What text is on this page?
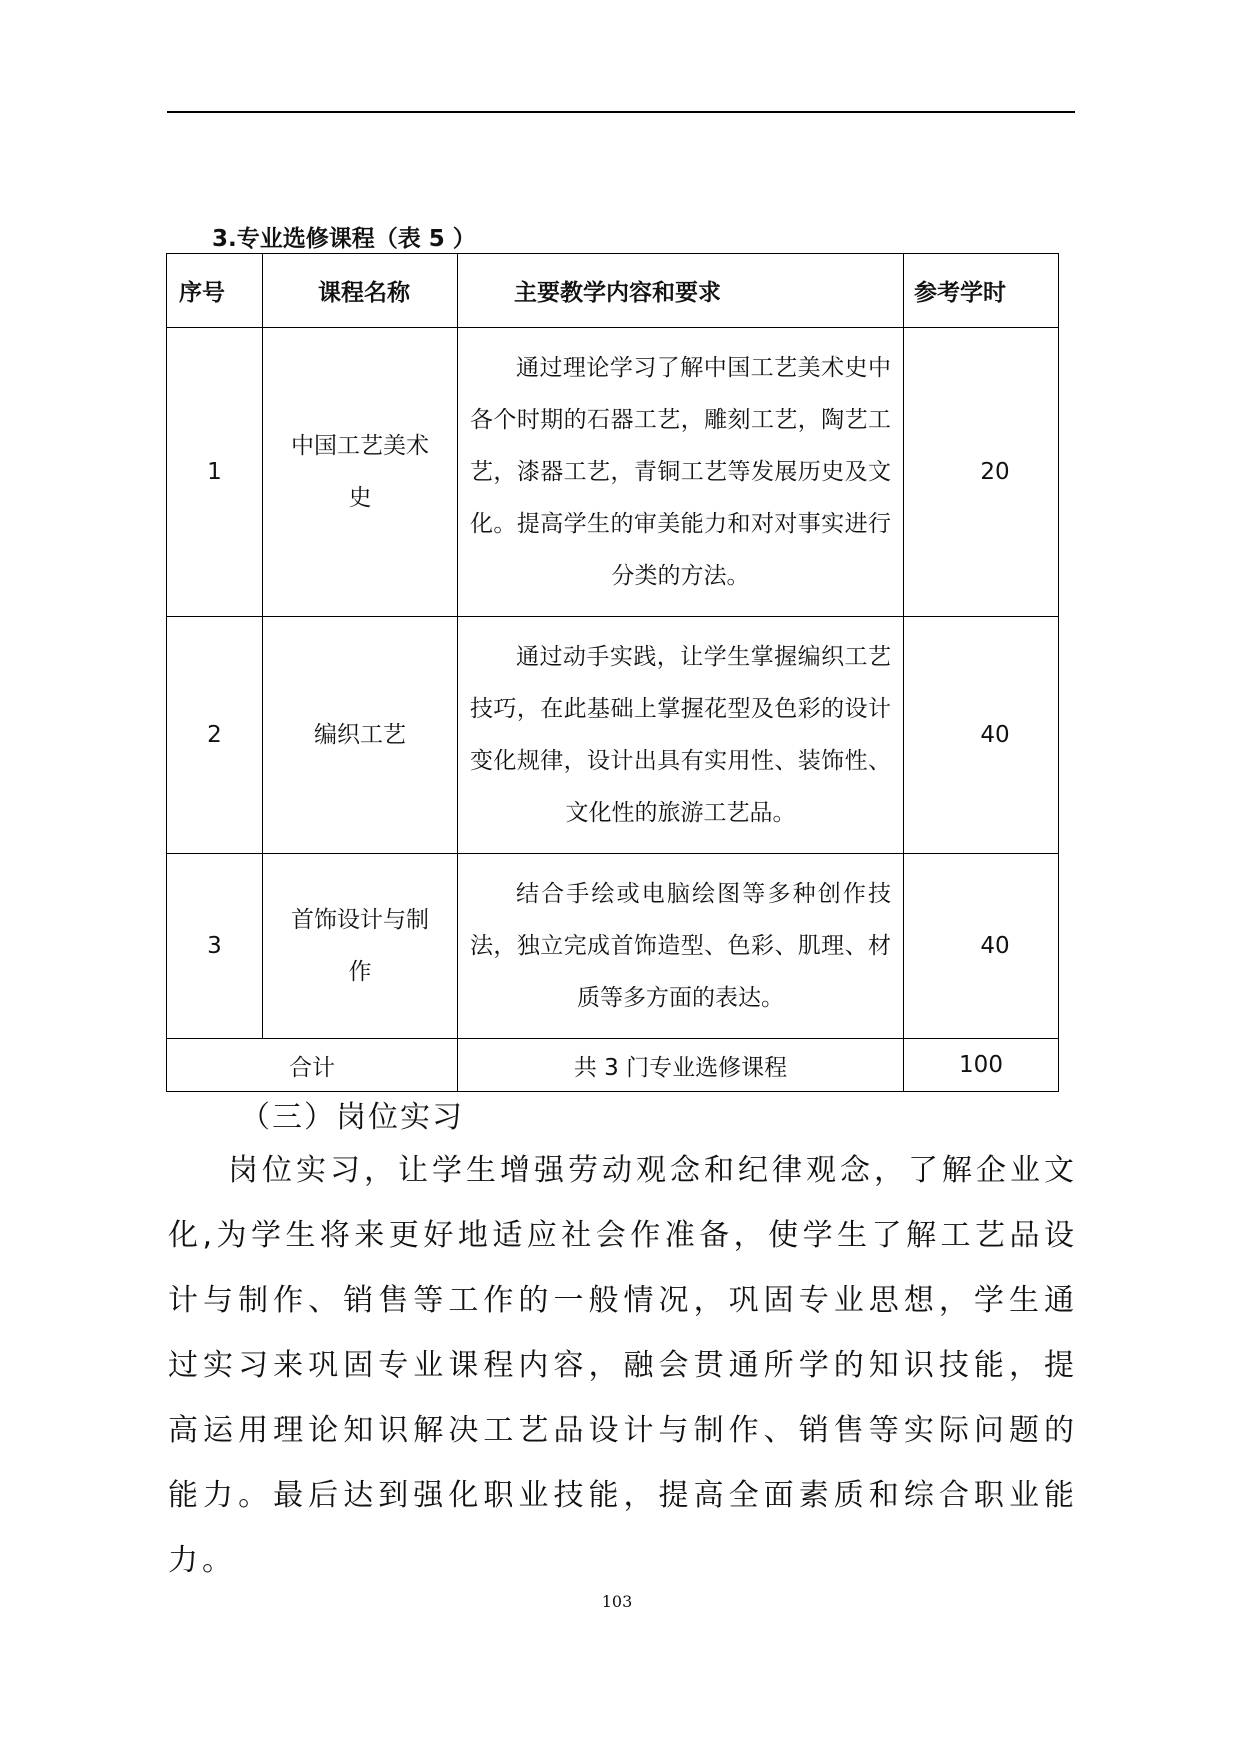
3.专业选修课程（表 5 ）
序号	课程名称	主要教学内容和要求	参考学时
1	中国工艺美术史	通过理论学习了解中国工艺美术史中各个时期的石器工艺，雕刻工艺，陶艺工艺，漆器工艺，青铜工艺等发展历史及文化。提高学生的审美能力和对对事实进行分类的方法。	20
2	编织工艺	通过动手实践，让学生掌握编织工艺技巧，在此基础上掌握花型及色彩的设计变化规律，设计出具有实用性、装饰性、文化性的旅游工艺品。	40
3	首饰设计与制作	结合手绘或电脑绘图等多种创作技法，独立完成首饰造型、色彩、肌理、材质等多方面的表达。	40
合计		共 3 门专业选修课程	100
（三）岗位实习

岗位实习，让学生增强劳动观念和纪律观念，了解企业文化,为学生将来更好地适应社会作准备，使学生了解工艺品设计与制作、销售等工作的一般情况，巩固专业思想，学生通过实习来巩固专业课程内容，融会贯通所学的知识技能，提高运用理论知识解决工艺品设计与制作、销售等实际问题的能力。最后达到强化职业技能，提高全面素质和综合职业能力。

103
